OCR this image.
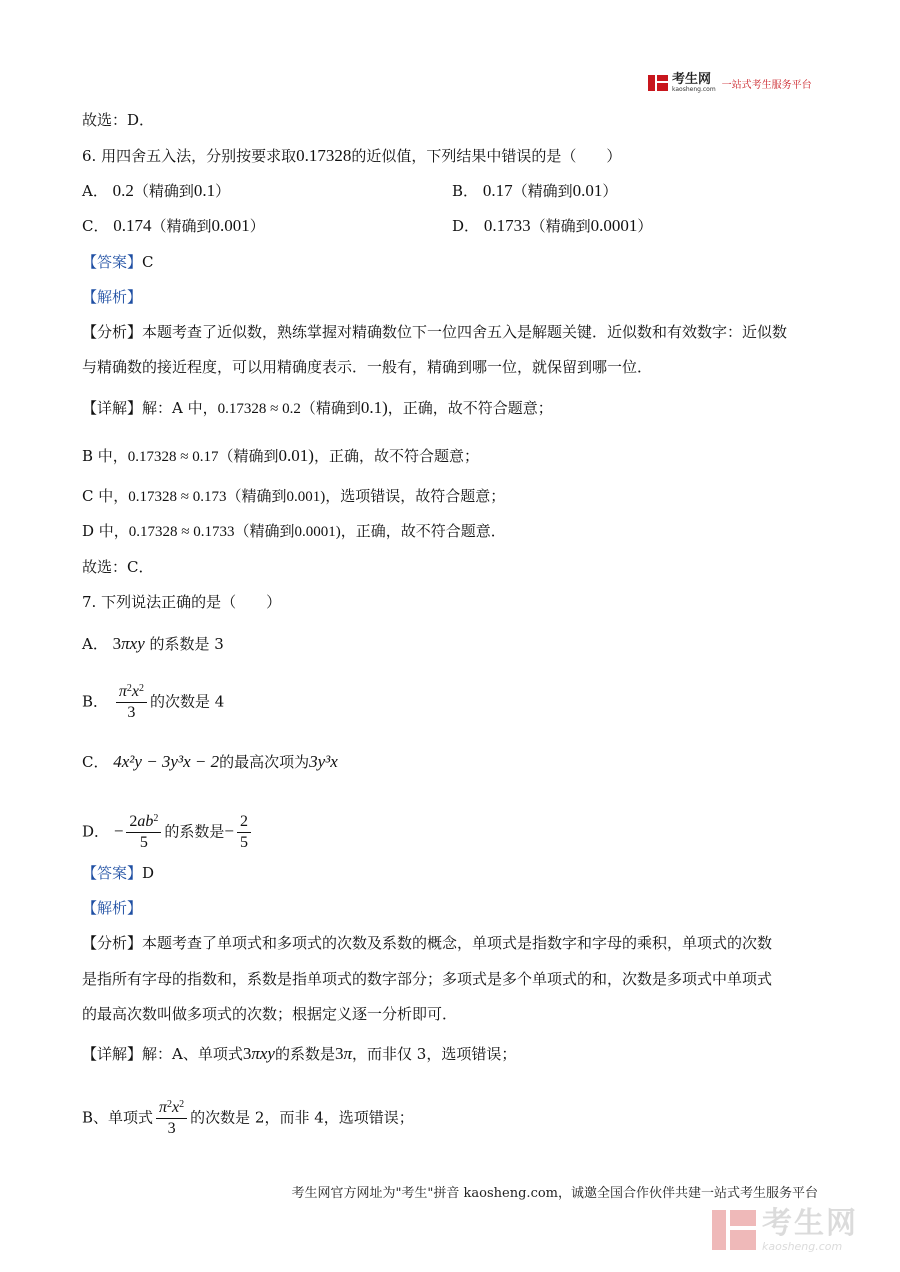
考生网
kaosheng.com 一站式考生服务平台
故选：D．
6. 用四舍五入法，分别按要求取0.17328的近似值，下列结果中错误的是（　　）
A． 0.2（精确到0.1）	B． 0.17（精确到0.01）
C． 0.174（精确到0.001）	D． 0.1733（精确到0.0001）
【答案】C
【解析】
【分析】本题考查了近似数，熟练掌握对精确数位下一位四舍五入是解题关键．近似数和有效数字：近似数
与精确数的接近程度，可以用精确度表示．一般有，精确到哪一位，就保留到哪一位．
【详解】解：A 中，0.17328 ≈ 0.2（精确到0.1)，正确，故不符合题意；
B 中，0.17328 ≈ 0.17（精确到0.01)，正确，故不符合题意；
C 中，0.17328 ≈ 0.173（精确到0.001)，选项错误，故符合题意；
D 中，0.17328 ≈ 0.1733（精确到0.0001)，正确，故不符合题意．
故选：C．
7. 下列说法正确的是（　　）
A． 3πxy 的系数是 3
B． $\frac{\pi^2x^2}{3}$ 的次数是 4
C． 4x²y − 3y³x − 2的最高次项为3y³x
D． − $\frac{2ab^2}{5}$ 的系数是− $\frac{2}{5}$
【答案】D
【解析】
【分析】本题考查了单项式和多项式的次数及系数的概念，单项式是指数字和字母的乘积，单项式的次数
是指所有字母的指数和，系数是指单项式的数字部分；多项式是多个单项式的和，次数是多项式中单项式
的最高次数叫做多项式的次数；根据定义逐一分析即可．
【详解】解：A、单项式3πxy的系数是3π，而非仅 3，选项错误；
B、单项式 $\frac{\pi^2x^2}{3}$ 的次数是 2，而非 4，选项错误；
考生网官方网址为"考生"拼音 kaosheng.com，诚邀全国合作伙伴共建一站式考生服务平台
考生网
kaosheng.com
